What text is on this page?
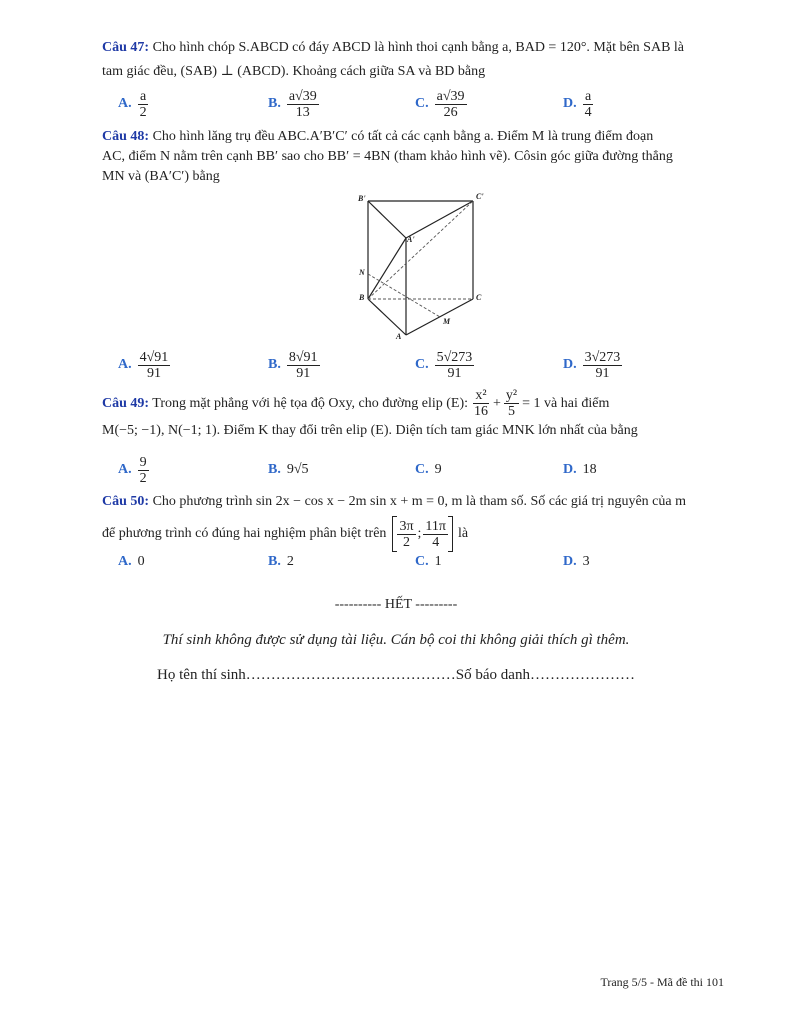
Câu 47: Cho hình chóp S.ABCD có đáy ABCD là hình thoi cạnh bằng a, BAD = 120°. Mặt bên SAB là
tam giác đều, (SAB) ⊥ (ABCD). Khoảng cách giữa SA và BD bằng
A. $\frac{a}{2}$	B. $\frac{a√39}{13}$	C. $\frac{a√39}{26}$	D. $\frac{a}{4}$
Câu 48: Cho hình lăng trụ đều ABC.A′B′C′ có tất cả các cạnh bằng a. Điểm M là trung điểm đoạn
AC, điểm N nằm trên cạnh BB′ sao cho BB′ = 4BN (tham khảo hình vẽ). Côsin góc giữa đường thẳng
MN và (BA′C′) bằng
B'	C'
A'
N
B	C
M
A
A. $\frac{4√91}{91}$	B. $\frac{8√91}{91}$	C. $\frac{5√273}{91}$	D. $\frac{3√273}{91}$
Câu 49: Trong mặt phẳng với hệ tọa độ Oxy, cho đường elip (E): $\frac{\text{x²}}{16} + \frac{\text{y²}}{5} = 1$ và hai điểm
M(−5; −1), N(−1; 1). Điểm K thay đổi trên elip (E). Diện tích tam giác MNK lớn nhất của bằng
A. $\frac{9}{2}$	B. 9√5	C. 9	D. 18
Câu 50: Cho phương trình sin 2x − cos x − 2m sin x + m = 0, m là tham số. Số các giá trị nguyên của m
để phương trình có đúng hai nghiệm phân biệt trên $\frac{3\pi}{2}$ ; $\frac{11\pi}{4}$ là
A. 0	B. 2	C. 1	D. 3
---------- HẾT ---------
Thí sinh không được sử dụng tài liệu. Cán bộ coi thi không giải thích gì thêm.
Họ tên thí sinh……………………………………Số báo danh…………………
Trang 5/5 - Mã đề thi 101
